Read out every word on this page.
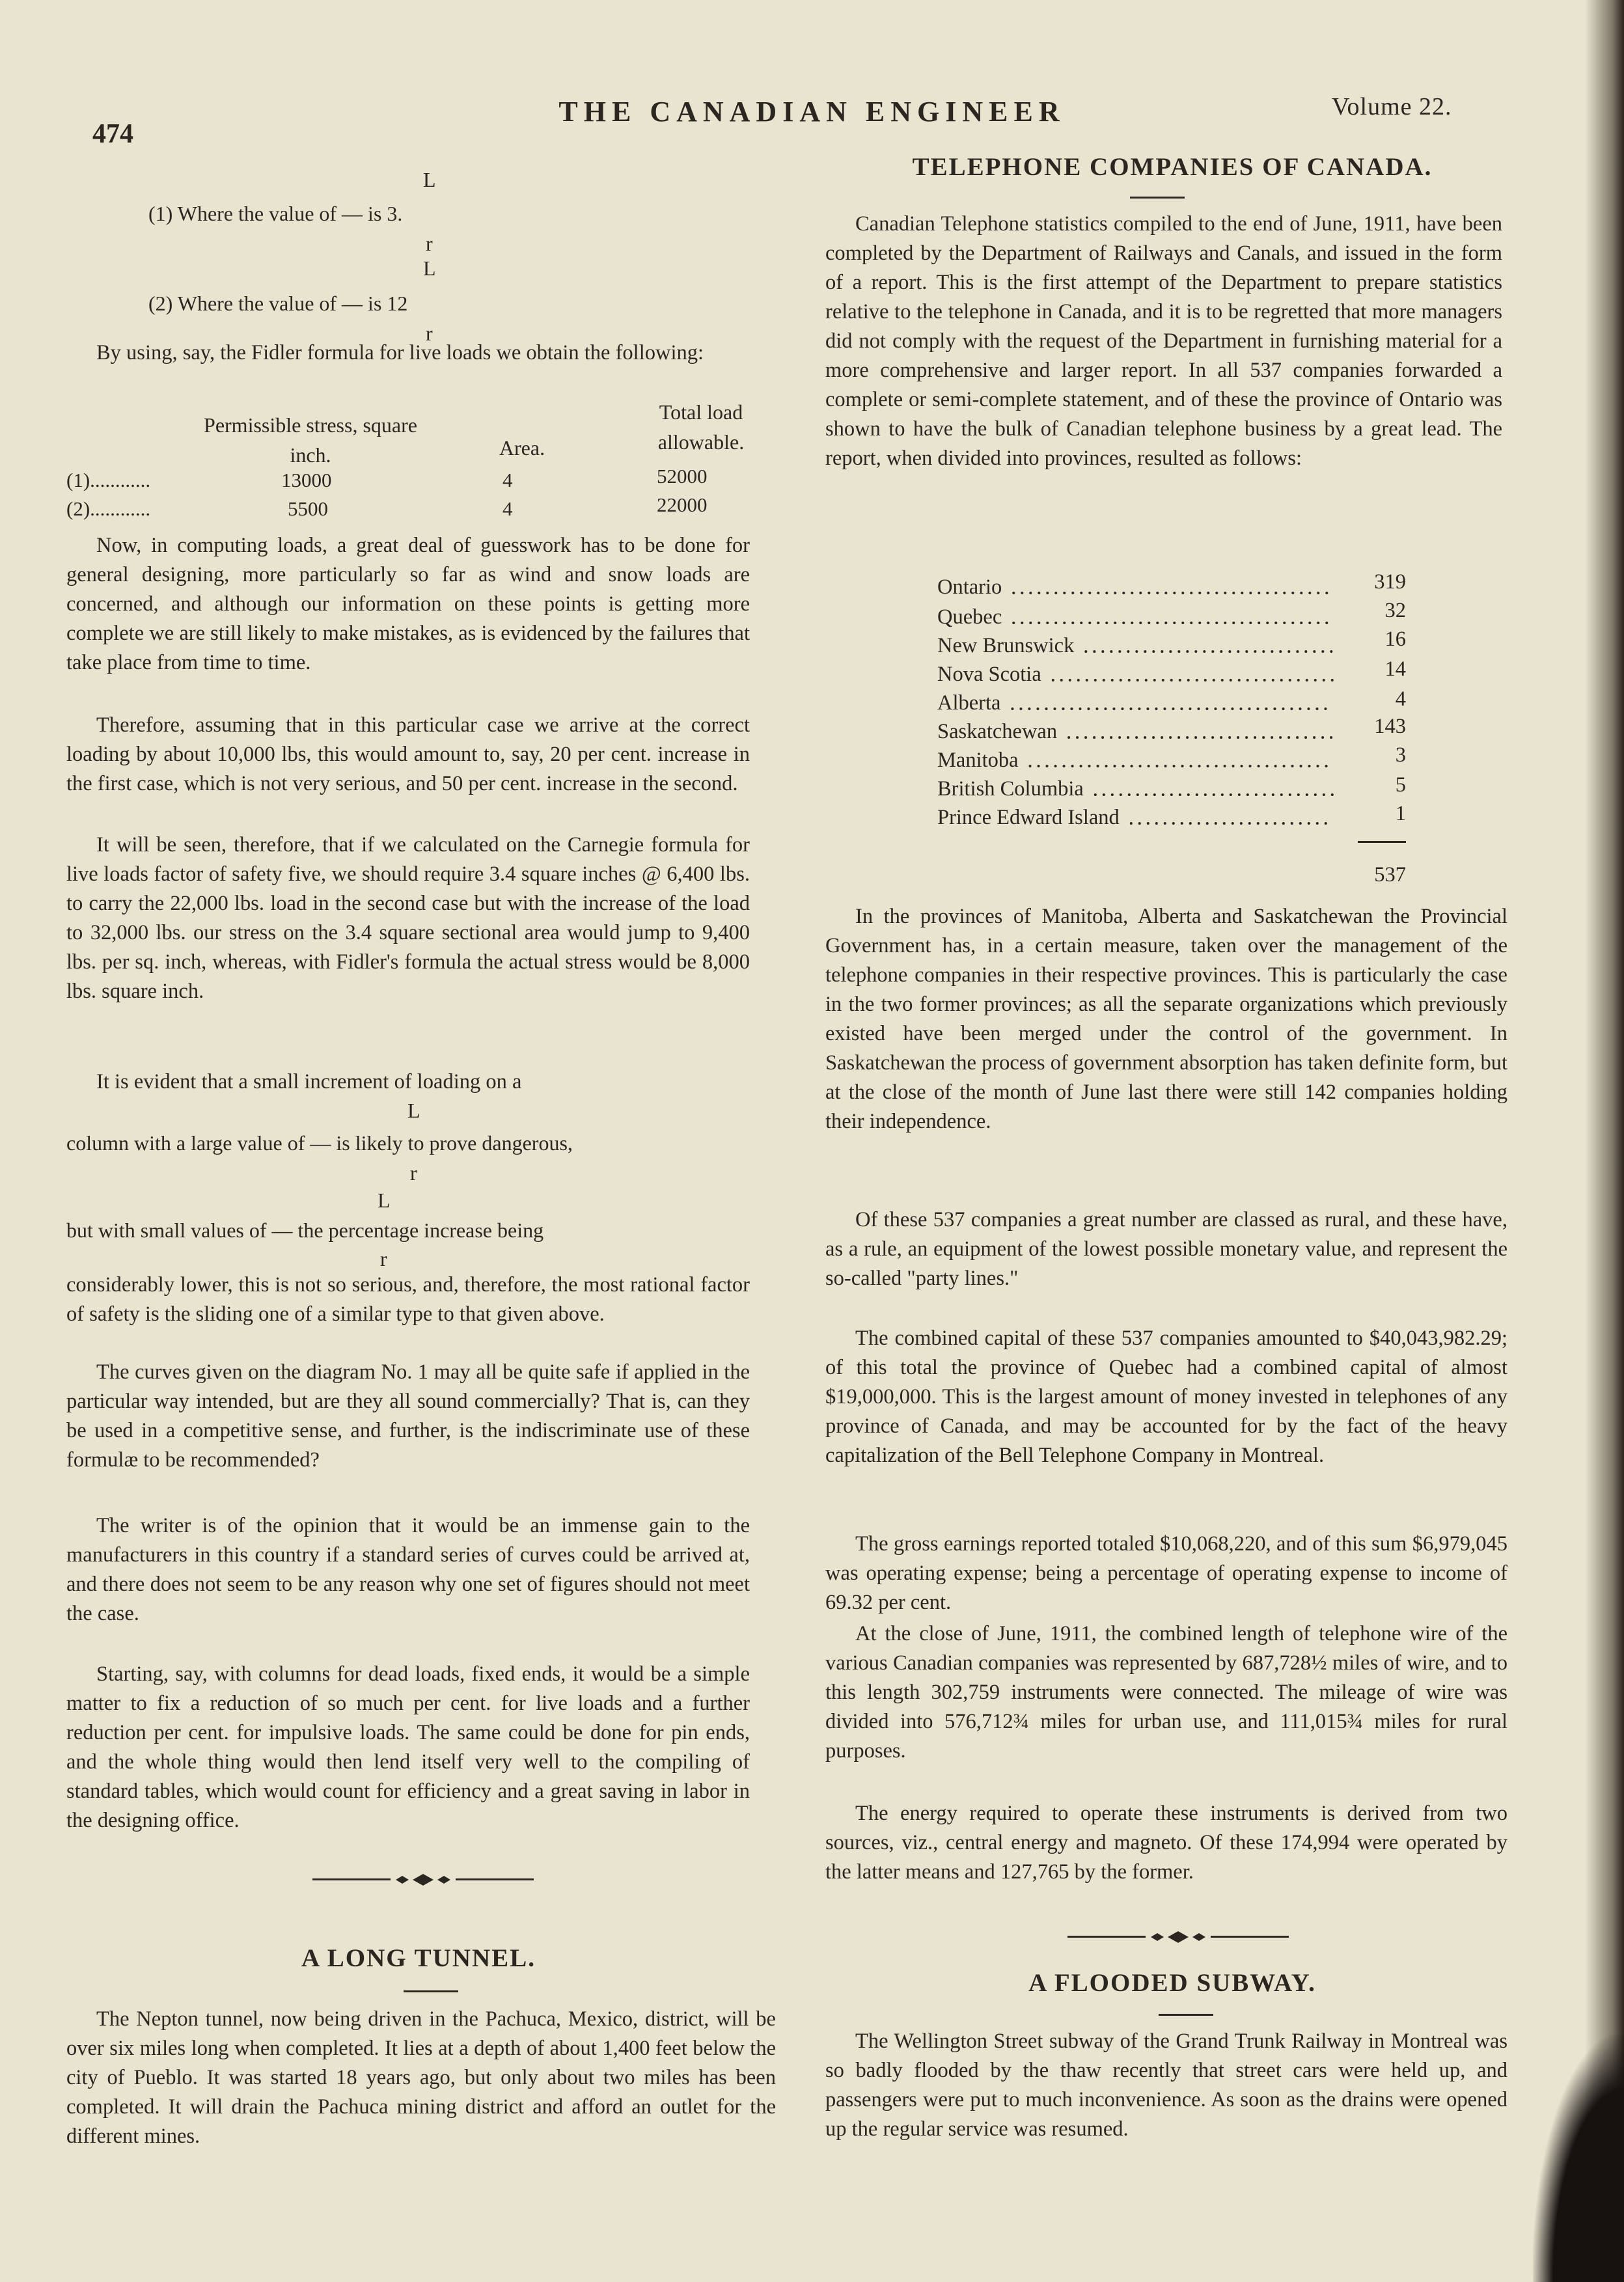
474
THE CANADIAN ENGINEER	Volume 22.
L
(1) Where the value of — is 3.
r
L
(2) Where the value of — is 12
r

By using, say, the Fidler formula for live loads we obtain the following:

Permissible stress, square inch.	Area.
Total load allowable.
(1)............	13000	4	52000
(2)............	5500	4	22000

Now, in computing loads, a great deal of guesswork has to be done for general designing, more particularly so far as wind and snow loads are concerned, and although our information on these points is getting more complete we are still likely to make mistakes, as is evidenced by the failures that take place from time to time.

Therefore, assuming that in this particular case we arrive at the correct loading by about 10,000 lbs, this would amount to, say, 20 per cent. increase in the first case, which is not very serious, and 50 per cent. increase in the second.

It will be seen, therefore, that if we calculated on the Carnegie formula for live loads factor of safety five, we should require 3.4 square inches @ 6,400 lbs. to carry the 22,000 lbs. load in the second case but with the increase of the load to 32,000 lbs. our stress on the 3.4 square sectional area would jump to 9,400 lbs. per sq. inch, whereas, with Fidler's formula the actual stress would be 8,000 lbs. square inch.

It is evident that a small increment of loading on a

L
column with a large value of — is likely to prove dangerous,
r
L
but with small values of — the percentage increase being
r

considerably lower, this is not so serious, and, therefore, the most rational factor of safety is the sliding one of a similar type to that given above.

The curves given on the diagram No. 1 may all be quite safe if applied in the particular way intended, but are they all sound commercially? That is, can they be used in a competitive sense, and further, is the indiscriminate use of these formulæ to be recommended?

The writer is of the opinion that it would be an immense gain to the manufacturers in this country if a standard series of curves could be arrived at, and there does not seem to be any reason why one set of figures should not meet the case.

Starting, say, with columns for dead loads, fixed ends, it would be a simple matter to fix a reduction of so much per cent. for live loads and a further reduction per cent. for impulsive loads. The same could be done for pin ends, and the whole thing would then lend itself very well to the compiling of standard tables, which would count for efficiency and a great saving in labor in the designing office.

A LONG TUNNEL.

The Nepton tunnel, now being driven in the Pachuca, Mexico, district, will be over six miles long when completed. It lies at a depth of about 1,400 feet below the city of Pueblo. It was started 18 years ago, but only about two miles has been completed. It will drain the Pachuca mining district and afford an outlet for the different mines.

TELEPHONE COMPANIES OF CANADA.

Canadian Telephone statistics compiled to the end of June, 1911, have been completed by the Department of Railways and Canals, and issued in the form of a report. This is the first attempt of the Department to prepare statistics relative to the telephone in Canada, and it is to be regretted that more managers did not comply with the request of the Department in furnishing material for a more comprehensive and larger report. In all 537 companies forwarded a complete or semi-complete statement, and of these the province of Ontario was shown to have the bulk of Canadian telephone business by a great lead. The report, when divided into provinces, resulted as follows:

Ontario	319
Quebec	32
New Brunswick	16
Nova Scotia	14
Alberta	4
Saskatchewan	143
Manitoba	3
British Columbia	5
Prince Edward Island	1
537

In the provinces of Manitoba, Alberta and Saskatchewan the Provincial Government has, in a certain measure, taken over the management of the telephone companies in their respective provinces. This is particularly the case in the two former provinces; as all the separate organizations which previously existed have been merged under the control of the government. In Saskatchewan the process of government absorption has taken definite form, but at the close of the month of June last there were still 142 companies holding their independence.

Of these 537 companies a great number are classed as rural, and these have, as a rule, an equipment of the lowest possible monetary value, and represent the so-called "party lines."

The combined capital of these 537 companies amounted to $40,043,982.29; of this total the province of Quebec had a combined capital of almost $19,000,000. This is the largest amount of money invested in telephones of any province of Canada, and may be accounted for by the fact of the heavy capitalization of the Bell Telephone Company in Montreal.

The gross earnings reported totaled $10,068,220, and of this sum $6,979,045 was operating expense; being a percentage of operating expense to income of 69.32 per cent.

At the close of June, 1911, the combined length of telephone wire of the various Canadian companies was represented by 687,728½ miles of wire, and to this length 302,759 instruments were connected. The mileage of wire was divided into 576,712¾ miles for urban use, and 111,015¾ miles for rural purposes.

The energy required to operate these instruments is derived from two sources, viz., central energy and magneto. Of these 174,994 were operated by the latter means and 127,765 by the former.

A FLOODED SUBWAY.

The Wellington Street subway of the Grand Trunk Railway in Montreal was so badly flooded by the thaw recently that street cars were held up, and passengers were put to much inconvenience. As soon as the drains were opened up the regular service was resumed.
